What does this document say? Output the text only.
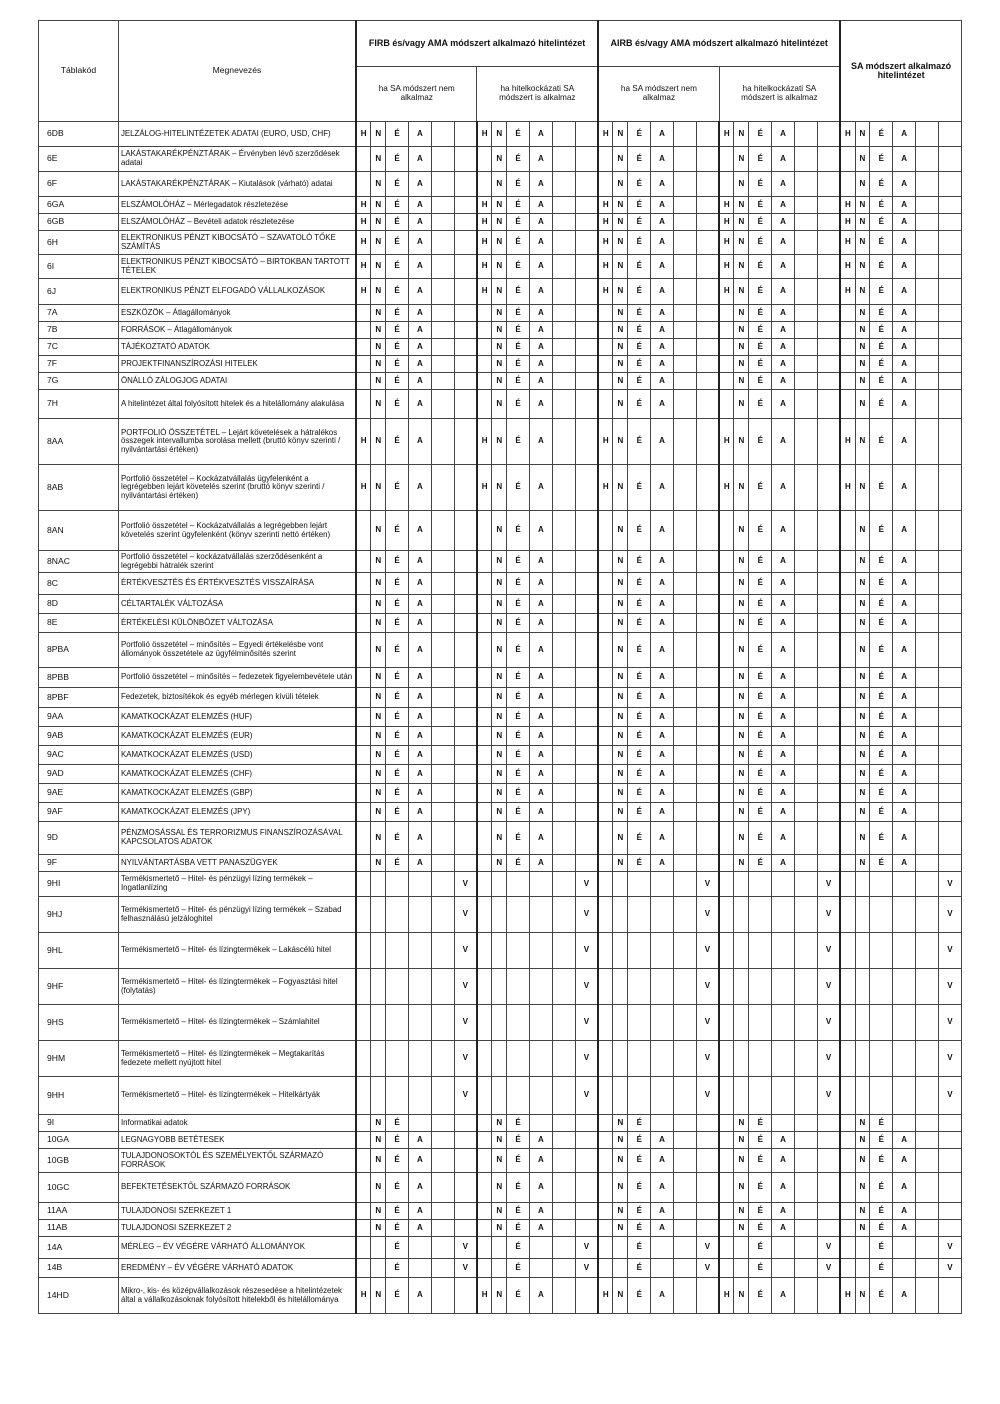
Táblakód	Megnevezés	FIRB és/vagy AMA módszert alkalmazó hitelintézet												AIRB és/vagy AMA módszert alkalmazó hitelintézet												SA módszert alkalmazó hitelintézet					
		ha SA módszert nem alkalmaz						ha hitelkockázati SA módszert is alkalmaz						ha SA módszert nem alkalmaz						ha hitelkockázati SA módszert is alkalmaz											
6DB	JELZÁLOG-HITELINTÉZETEK ADATAI (EURO, USD, CHF)	H	N	É	A			H	N	É	A			H	N	É	A			H	N	É	A			H	N	É	A		
6E	LAKÁSTAKARÉKPÉNZTÁRAK – Érvényben lévő szerződések adatai		N	É	A				N	É	A				N	É	A				N	É	A				N	É	A		
6F	LAKÁSTAKARÉKPÉNZTÁRAK – Kiutalások (várható) adatai		N	É	A				N	É	A				N	É	A				N	É	A				N	É	A		
6GA	ELSZÁMOLÓHÁZ – Mérlegadatok részletezése	H	N	É	A			H	N	É	A			H	N	É	A			H	N	É	A			H	N	É	A		
6GB	ELSZÁMOLÓHÁZ – Bevételi adatok részletezése	H	N	É	A			H	N	É	A			H	N	É	A			H	N	É	A			H	N	É	A		
6H	ELEKTRONIKUS PÉNZT KIBOCSÁTÓ – SZAVATOLÓ TŐKE SZÁMÍTÁS	H	N	É	A			H	N	É	A			H	N	É	A			H	N	É	A			H	N	É	A		
6I	ELEKTRONIKUS PÉNZT KIBOCSÁTÓ – BIRTOKBAN TARTOTT TÉTELEK	H	N	É	A			H	N	É	A			H	N	É	A			H	N	É	A			H	N	É	A		
6J	ELEKTRONIKUS PÉNZT ELFOGADÓ VÁLLALKOZÁSOK	H	N	É	A			H	N	É	A			H	N	É	A			H	N	É	A			H	N	É	A		
7A	ESZKÖZÖK – Átlagállományok		N	É	A				N	É	A				N	É	A				N	É	A				N	É	A		
7B	FORRÁSOK – Átlagállományok		N	É	A				N	É	A				N	É	A				N	É	A				N	É	A		
7C	TÁJÉKOZTATÓ ADATOK		N	É	A				N	É	A				N	É	A				N	É	A				N	É	A		
7F	PROJEKTFINANSZÍROZÁSI HITELEK		N	É	A				N	É	A				N	É	A				N	É	A				N	É	A		
7G	ÖNÁLLÓ ZÁLOGJOG ADATAI		N	É	A				N	É	A				N	É	A				N	É	A				N	É	A		
7H	A hitelintézet által folyósított hitelek és a hitelállomány alakulása		N	É	A				N	É	A				N	É	A				N	É	A				N	É	A		
8AA	PORTFOLIÓ ÖSSZETÉTEL – Lejárt követelések a hátralékos összegek intervallumba sorolása mellett (bruttó könyv szerinti / nyilvántartási értéken)	H	N	É	A			H	N	É	A			H	N	É	A			H	N	É	A			H	N	É	A		
8AB	Portfolió összetétel – Kockázatvállalás ügyfelenként a legrégebben lejárt követelés szerint (bruttó könyv szerinti / nyilvántartási értéken)	H	N	É	A			H	N	É	A			H	N	É	A			H	N	É	A			H	N	É	A		
8AN	Portfolió összetétel – Kockázatvállalás a legrégebben lejárt követelés szerint ügyfelenként (könyv szerinti nettó értéken)		N	É	A				N	É	A				N	É	A				N	É	A				N	É	A		
8NAC	Portfolió összetétel – kockázatvállalás szerződésenként a legrégebbi hátralék szerint		N	É	A				N	É	A				N	É	A				N	É	A				N	É	A		
8C	ÉRTÉKVESZTÉS ÉS ÉRTÉKVESZTÉS VISSZAÍRÁSA		N	É	A				N	É	A				N	É	A				N	É	A				N	É	A		
8D	CÉLTARTALÉK VÁLTOZÁSA		N	É	A				N	É	A				N	É	A				N	É	A				N	É	A		
8E	ÉRTÉKELÉSI KÜLÖNBÖZET VÁLTOZÁSA		N	É	A				N	É	A				N	É	A				N	É	A				N	É	A		
8PBA	Portfolió összetétel – minősítés – Egyedi értékelésbe vont állományok összetétele az ügyfélminősítés szerint		N	É	A				N	É	A				N	É	A				N	É	A				N	É	A		
8PBB	Portfolió összetétel – minősítés – fedezetek figyelembevétele után		N	É	A				N	É	A				N	É	A				N	É	A				N	É	A		
8PBF	Fedezetek, biztosítékok és egyéb mérlegen kívüli tételek		N	É	A				N	É	A				N	É	A				N	É	A				N	É	A		
9AA	KAMATKOCKÁZAT ELEMZÉS (HUF)		N	É	A				N	É	A				N	É	A				N	É	A				N	É	A		
9AB	KAMATKOCKÁZAT ELEMZÉS (EUR)		N	É	A				N	É	A				N	É	A				N	É	A				N	É	A		
9AC	KAMATKOCKÁZAT ELEMZÉS (USD)		N	É	A				N	É	A				N	É	A				N	É	A				N	É	A		
9AD	KAMATKOCKÁZAT ELEMZÉS (CHF)		N	É	A				N	É	A				N	É	A				N	É	A				N	É	A		
9AE	KAMATKOCKÁZAT ELEMZÉS (GBP)		N	É	A				N	É	A				N	É	A				N	É	A				N	É	A		
9AF	KAMATKOCKÁZAT ELEMZÉS (JPY)		N	É	A				N	É	A				N	É	A				N	É	A				N	É	A		
9D	PÉNZMOSÁSSAL ÉS TERRORIZMUS FINANSZÍROZÁSÁVAL KAPCSOLATOS ADATOK		N	É	A				N	É	A				N	É	A				N	É	A				N	É	A		
9F	NYILVÁNTARTÁSBA VETT PANASZÜGYEK		N	É	A				N	É	A				N	É	A				N	É	A				N	É	A		
9HI	Termékismertető – Hitel- és pénzügyi lízing termékek – Ingatlanlízing						V						V						V						V						V
9HJ	Termékismertető – Hitel- és pénzügyi lízing termékek – Szabad felhasználású jelzáloghitel						V						V						V						V						V
9HL	Termékismertető – Hitel- és lízingtermékek – Lakáscélú hitel						V						V						V						V						V
9HF	Termékismertető – Hitel- és lízingtermékek – Fogyasztási hitel (folytatás)						V						V						V						V						V
9HS	Termékismertető – Hitel- és lízingtermékek – Számlahitel						V						V						V						V						V
9HM	Termékismertető – Hitel- és lízingtermékek – Megtakarítás fedezete mellett nyújtott hitel						V						V						V						V						V
9HH	Termékismertető – Hitel- és lízingtermékek – Hitelkártyák						V						V						V						V						V
9I	Informatikai adatok		N	É					N	É					N	É					N	É					N	É			
10GA	LEGNAGYOBB BETÉTESEK		N	É	A				N	É	A				N	É	A				N	É	A				N	É	A		
10GB	TULAJDONOSOKTÓL ÉS SZEMÉLYEKTŐL SZÁRMAZÓ FORRÁSOK		N	É	A				N	É	A				N	É	A				N	É	A				N	É	A		
10GC	BEFEKTETÉSEKTŐL SZÁRMAZÓ FORRÁSOK		N	É	A				N	É	A				N	É	A				N	É	A				N	É	A		
11AA	TULAJDONOSI SZERKEZET 1		N	É	A				N	É	A				N	É	A				N	É	A				N	É	A		
11AB	TULAJDONOSI SZERKEZET 2		N	É	A				N	É	A				N	É	A				N	É	A				N	É	A		
14A	MÉRLEG – ÉV VÉGÉRE VÁRHATÓ ÁLLOMÁNYOK			É			V			É			V			É			V			É			V			É			V
14B	EREDMÉNY – ÉV VÉGÉRE VÁRHATÓ ADATOK			É			V			É			V			É			V			É			V			É			V
14HD	Mikro-, kis- és középvállalkozások részesedése a hitelintézetek által a vállalkozásoknak folyósított hitelekből és hitelállománya	H	N	É	A			H	N	É	A			H	N	É	A			H	N	É	A			H	N	É	A		
